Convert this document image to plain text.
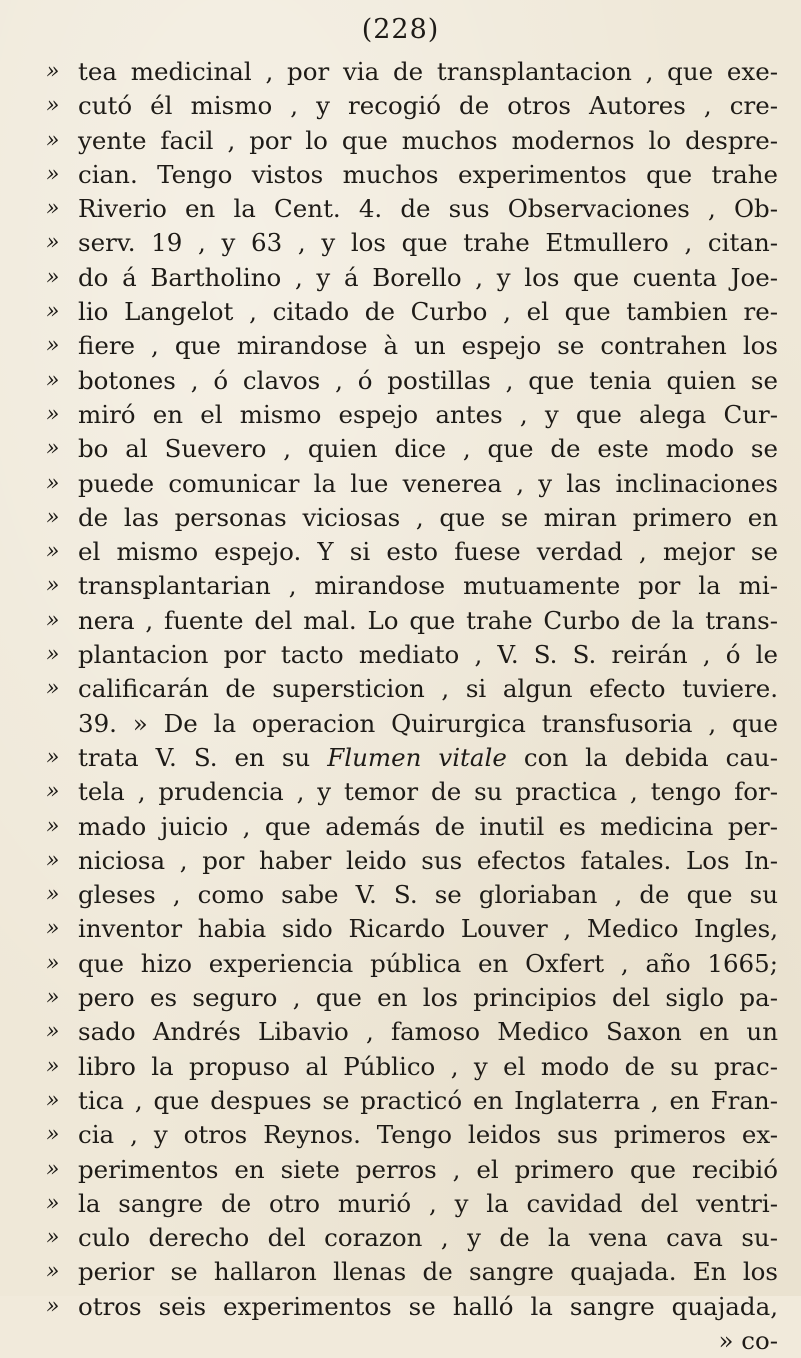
(228)
» tea medicinal , por via de transplantacion , que exe-
» cutó él mismo , y recogió de otros Autores , cre-
» yente facil , por lo que muchos modernos lo despre-
» cian. Tengo vistos muchos experimentos que trahe
» Riverio en la Cent. 4. de sus Observaciones , Ob-
» serv. 19 , y 63 , y los que trahe Etmullero , citan-
» do á Bartholino , y á Borello , y los que cuenta Joe-
» lio Langelot , citado de Curbo , el que tambien re-
» fiere , que mirandose à un espejo se contrahen los
» botones , ó clavos , ó postillas , que tenia quien se
» miró en el mismo espejo antes , y que alega Cur-
» bo al Suevero , quien dice , que de este modo se
» puede comunicar la lue venerea , y las inclinaciones
» de las personas viciosas , que se miran primero en
» el mismo espejo. Y si esto fuese verdad , mejor se
» transplantarian , mirandose mutuamente por la mi-
» nera , fuente del mal. Lo que trahe Curbo de la trans-
» plantacion por tacto mediato , V. S. S. reirán , ó le
» calificarán de supersticion , si algun efecto tuviere.
39. » De la operacion Quirurgica transfusoria , que
» trata V. S. en su Flumen vitale con la debida cau-
» tela , prudencia , y temor de su practica , tengo for-
» mado juicio , que además de inutil es medicina per-
» niciosa , por haber leido sus efectos fatales. Los In-
» gleses , como sabe V. S. se gloriaban , de que su
» inventor habia sido Ricardo Louver , Medico Ingles,
» que hizo experiencia pública en Oxfert , año 1665;
» pero es seguro , que en los principios del siglo pa-
» sado Andrés Libavio , famoso Medico Saxon en un
» libro la propuso al Público , y el modo de su prac-
» tica , que despues se practicó en Inglaterra , en Fran-
» cia , y otros Reynos. Tengo leidos sus primeros ex-
» perimentos en siete perros , el primero que recibió
» la sangre de otro murió , y la cavidad del ventri-
» culo derecho del corazon , y de la vena cava su-
» perior se hallaron llenas de sangre quajada. En los
» otros seis experimentos se halló la sangre quajada,
» co-
